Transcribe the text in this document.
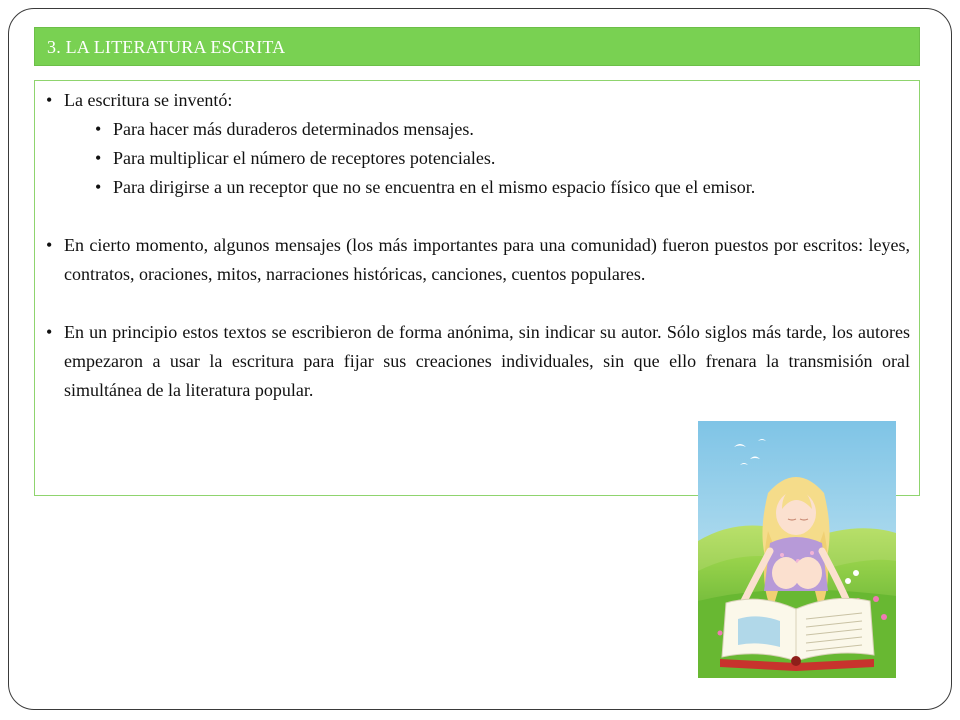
3. LA LITERATURA ESCRITA
• La escritura se inventó:
• Para hacer más duraderos determinados mensajes.
• Para multiplicar el número de receptores potenciales.
• Para dirigirse a un receptor que no se encuentra en el mismo espacio físico que el emisor.
• En cierto momento, algunos mensajes (los más importantes para una comunidad) fueron puestos por escritos: leyes, contratos, oraciones, mitos, narraciones históricas, canciones, cuentos populares.
• En un principio estos textos se escribieron de forma anónima, sin indicar su autor. Sólo siglos más tarde, los autores empezaron a usar la escritura para fijar sus creaciones individuales, sin que ello frenara la transmisión oral simultánea de la literatura popular.
